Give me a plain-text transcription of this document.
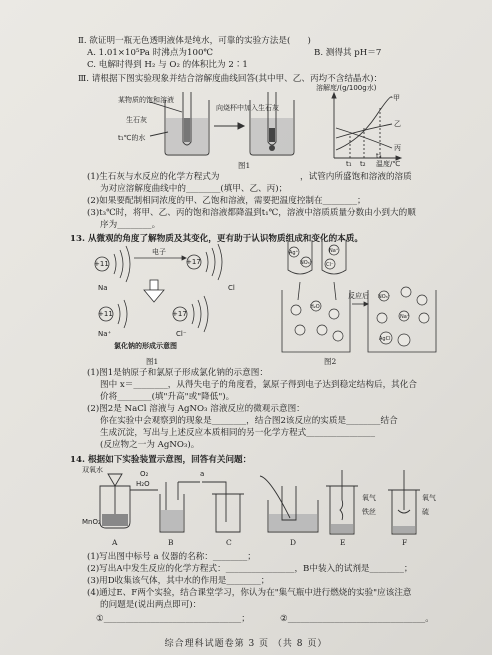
Ⅱ. 欲证明一瓶无色透明液体是纯水，可靠的实验方法是(　　)
A. 1.01×10⁵Pa 时沸点为100℃	B. 测得其 pH＝7
C. 电解时得到 H₂ 与 O₂ 的体积比为 2∶1
Ⅲ. 请根据下图实验现象并结合溶解度曲线回答(其中甲、乙、丙均不含结晶水)：
某物质的饱和溶液
生石灰
t₁℃的水
向烧杯中加入生石灰
溶解度/(g/100g水)
温度/℃
甲
乙
丙
t₁ t₂
t₃
图1
(1)生石灰与水反应的化学方程式为	，试管内所盛饱和溶液的溶质
为对应溶解度曲线中的________(填甲、乙、丙)；
(2)如果要配制相同浓度的甲、乙饱和溶液，需要把温度控制在________；
(3)t₃℃时，将甲、乙、丙的饱和溶液都降温到t₁℃，溶液中溶质质量分数由小到大的顺
序为________。
13. 从微观的角度了解物质及其变化，更有助于认识物质组成和变化的本质。
+11	+17
+11	+17
电子
Na	Cl
Na⁺	Cl⁻
氯化钠的形成示意图
图1
Ag⁺
NO₃⁻
Na⁺
Cl⁻
H₂O
NO₃⁻
Na⁺
AgCl
反应后
图2
(1)图1是钠原子和氯原子形成氯化钠的示意图：
图中 x＝________，从得失电子的角度看，氯原子得到电子达到稳定结构后，其化合
价将________(填"升高"或"降低")。
(2)图2是 NaCl 溶液与 AgNO₃ 溶液反应的微观示意图：
你在实验中会观察到的现象是________，结合图2该反应的实质是________结合
生成沉淀，写出与上述反应本质相同的另一化学方程式________________
(反应物之一为 AgNO₃)。
14. 根据如下实验装置示意图，回答有关问题：
双氧水
MnO₂
O₂
H₂O
a
氧气
铁丝
氧气
硫
A	B	C	D	E	F
(1)写出图中标号 a 仪器的名称：________；
(2)写出A中发生反应的化学方程式：________________，B中装入的试剂是________；
(3)用D收集该气体，其中水的作用是________；
(4)通过E、F两个实验，结合课堂学习，你认为在"集气瓶中进行燃烧的实验"应该注意
的问题是(说出两点即可)：
①________________________________；	②________________________________。
综合理科试题卷第 3 页 （共 8 页）
